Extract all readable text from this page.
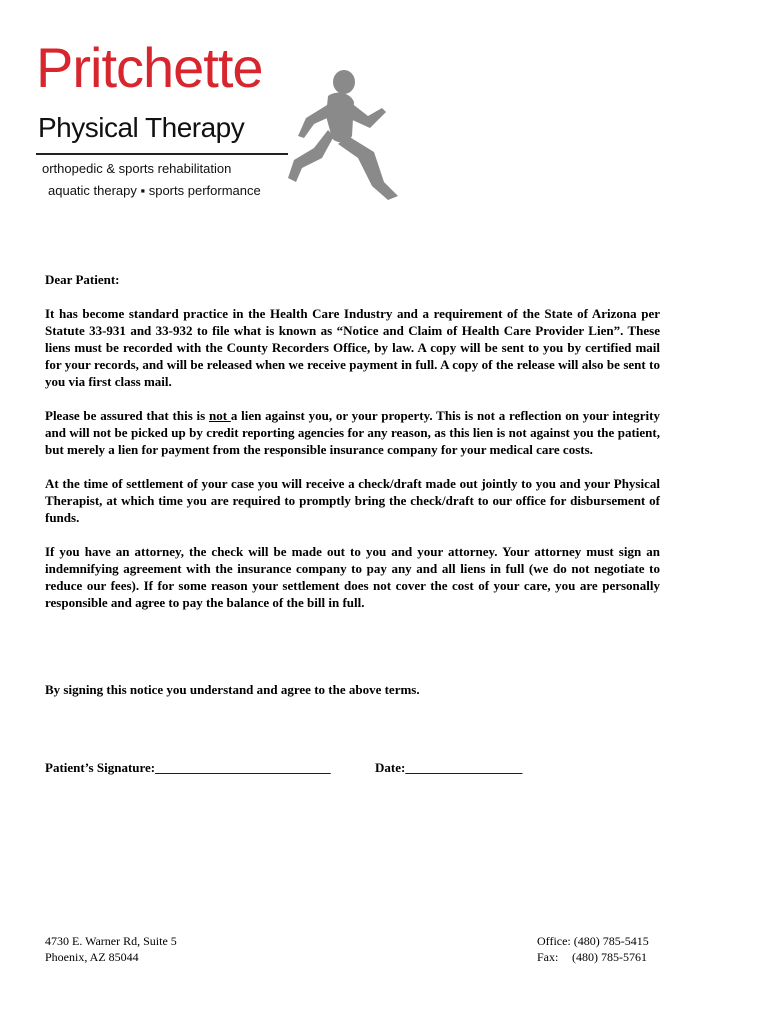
Pritchette
Physical Therapy
orthopedic & sports rehabilitation
aquatic therapy ▪ sports performance

Dear Patient:

It has become standard practice in the Health Care Industry and a requirement of the State of Arizona per Statute 33-931 and 33-932 to file what is known as “Notice and Claim of Health Care Provider Lien”. These liens must be recorded with the County Recorders Office, by law. A copy will be sent to you by certified mail for your records, and will be released when we receive payment in full. A copy of the release will also be sent to you via first class mail.

Please be assured that this is not a lien against you, or your property. This is not a reflection on your integrity and will not be picked up by credit reporting agencies for any reason, as this lien is not against you the patient, but merely a lien for payment from the responsible insurance company for your medical care costs.

At the time of settlement of your case you will receive a check/draft made out jointly to you and your Physical Therapist, at which time you are required to promptly bring the check/draft to our office for disbursement of funds.

If you have an attorney, the check will be made out to you and your attorney. Your attorney must sign an indemnifying agreement with the insurance company to pay any and all liens in full (we do not negotiate to reduce our fees). If for some reason your settlement does not cover the cost of your care, you are personally responsible and agree to pay the balance of the bill in full.

By signing this notice you understand and agree to the above terms.
Patient’s Signature:___________________________	Date:__________________
4730 E. Warner Rd, Suite 5
Phoenix, AZ 85044
Office: (480) 785-5415
Fax: (480) 785-5761
